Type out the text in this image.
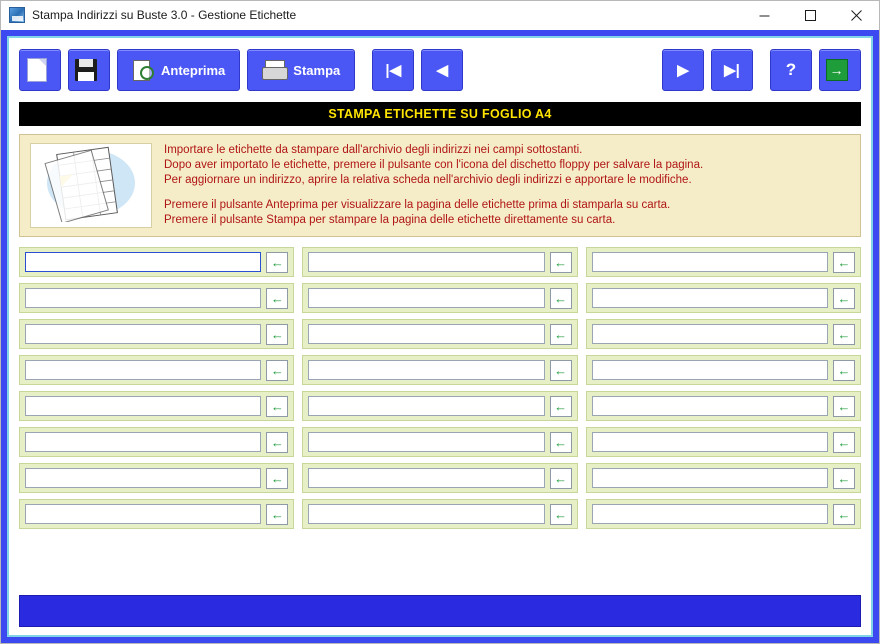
Stampa Indirizzi su Buste 3.0 - Gestione Etichette
Anteprima	Stampa	|◀ ◀	▶ ▶|	?
→
STAMPA ETICHETTE SU FOGLIO A4

Importare le etichette da stampare dall'archivio degli indirizzi nei campi sottostanti.

Dopo aver importato le etichette, premere il pulsante con l'icona del dischetto floppy per salvare la pagina.

Per aggiornare un indirizzo, aprire la relativa scheda nell'archivio degli indirizzi e apportare le modifiche.

Premere il pulsante Anteprima per visualizzare la pagina delle etichette prima di stamparla su carta.

Premere il pulsante Stampa per stampare la pagina delle etichette direttamente su carta.

←	←	←
←	←	←
←	←	←
←	←	←
←	←	←
←	←	←
←	←	←
←	←	←
